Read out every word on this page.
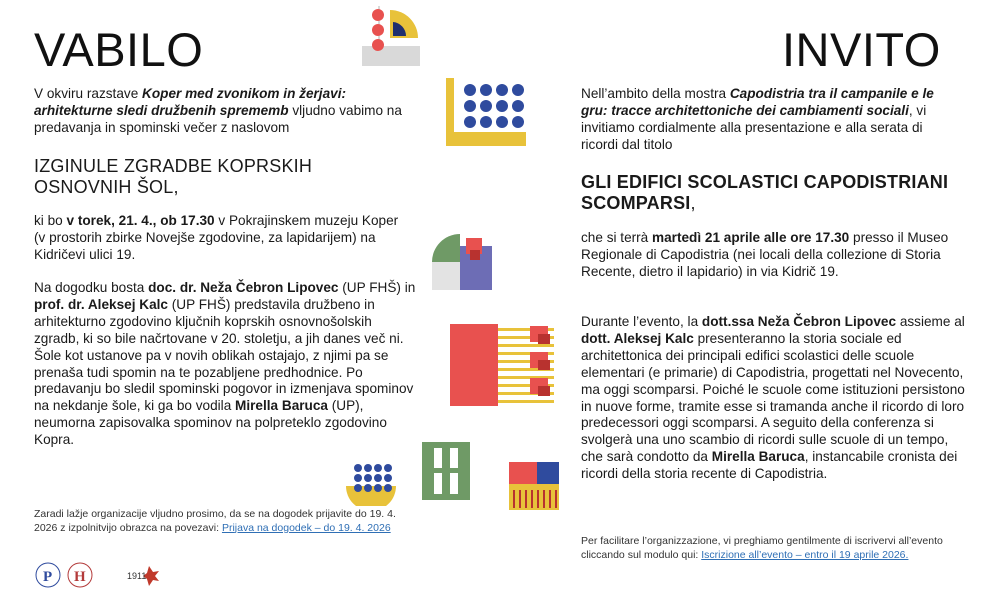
VABILO
V okviru razstave Koper med zvonikom in žerjavi: arhitekturne sledi družbenih sprememb vljudno vabimo na predavanja in spominski večer z naslovom
IZGINULE ZGRADBE KOPRSKIH OSNOVNIH ŠOL,
ki bo v torek, 21. 4., ob 17.30 v Pokrajinskem muzeju Koper (v prostorih zbirke Novejše zgodovine, za lapidarijem) na Kidričevi ulici 19.
Na dogodku bosta doc. dr. Neža Čebron Lipovec (UP FHŠ) in prof. dr. Aleksej Kalc (UP FHŠ) predstavila družbeno in arhitekturno zgodovino ključnih koprskih osnovnošolskih zgradb, ki so bile načrtovane v 20. stoletju, a jih danes več ni. Šole kot ustanove pa v novih oblikah ostajajo, z njimi pa se prenaša tudi spomin na te pozabljene predhodnice. Po predavanju bo sledil spominski pogovor in izmenjava spominov na nekdanje šole, ki ga bo vodila Mirella Baruca (UP), neumorna zapisovalka spominov na polpreteklo zgodovino Kopra.
Zaradi lažje organizacije vljudno prosimo, da se na dogodek prijavite do 19. 4. 2026 z izpolnitvijo obrazca na povezavi: Prijava na dogodek – do 19. 4. 2026
P H	1911
INVITO
Nell’ambito della mostra Capodistria tra il campanile e le gru: tracce architettoniche dei cambiamenti sociali, vi invitiamo cordialmente alla presentazione e alla serata di ricordi dal titolo
GLI EDIFICI SCOLASTICI CAPODISTRIANI SCOMPARSI,
che si terrà martedì 21 aprile alle ore 17.30 presso il Museo Regionale di Capodistria (nei locali della collezione di Storia Recente, dietro il lapidario) in via Kidrič 19.
Durante l’evento, la dott.ssa Neža Čebron Lipovec assieme al dott. Aleksej Kalc presenteranno la storia sociale ed architettonica dei principali edifici scolastici delle scuole elementari (e primarie) di Capodistria, progettati nel Novecento, ma oggi scomparsi. Poiché le scuole come istituzioni persistono in nuove forme, tramite esse si tramanda anche il ricordo di loro predecessori oggi scomparsi. A seguito della conferenza si svolgerà una uno scambio di ricordi sulle scuole di un tempo, che sarà condotto da Mirella Baruca, instancabile cronista dei ricordi della storia recente di Capodistria.
Per facilitare l’organizzazione, vi preghiamo gentilmente di iscrivervi all’evento cliccando sul modulo qui: Iscrizione all’evento – entro il 19 aprile 2026.
